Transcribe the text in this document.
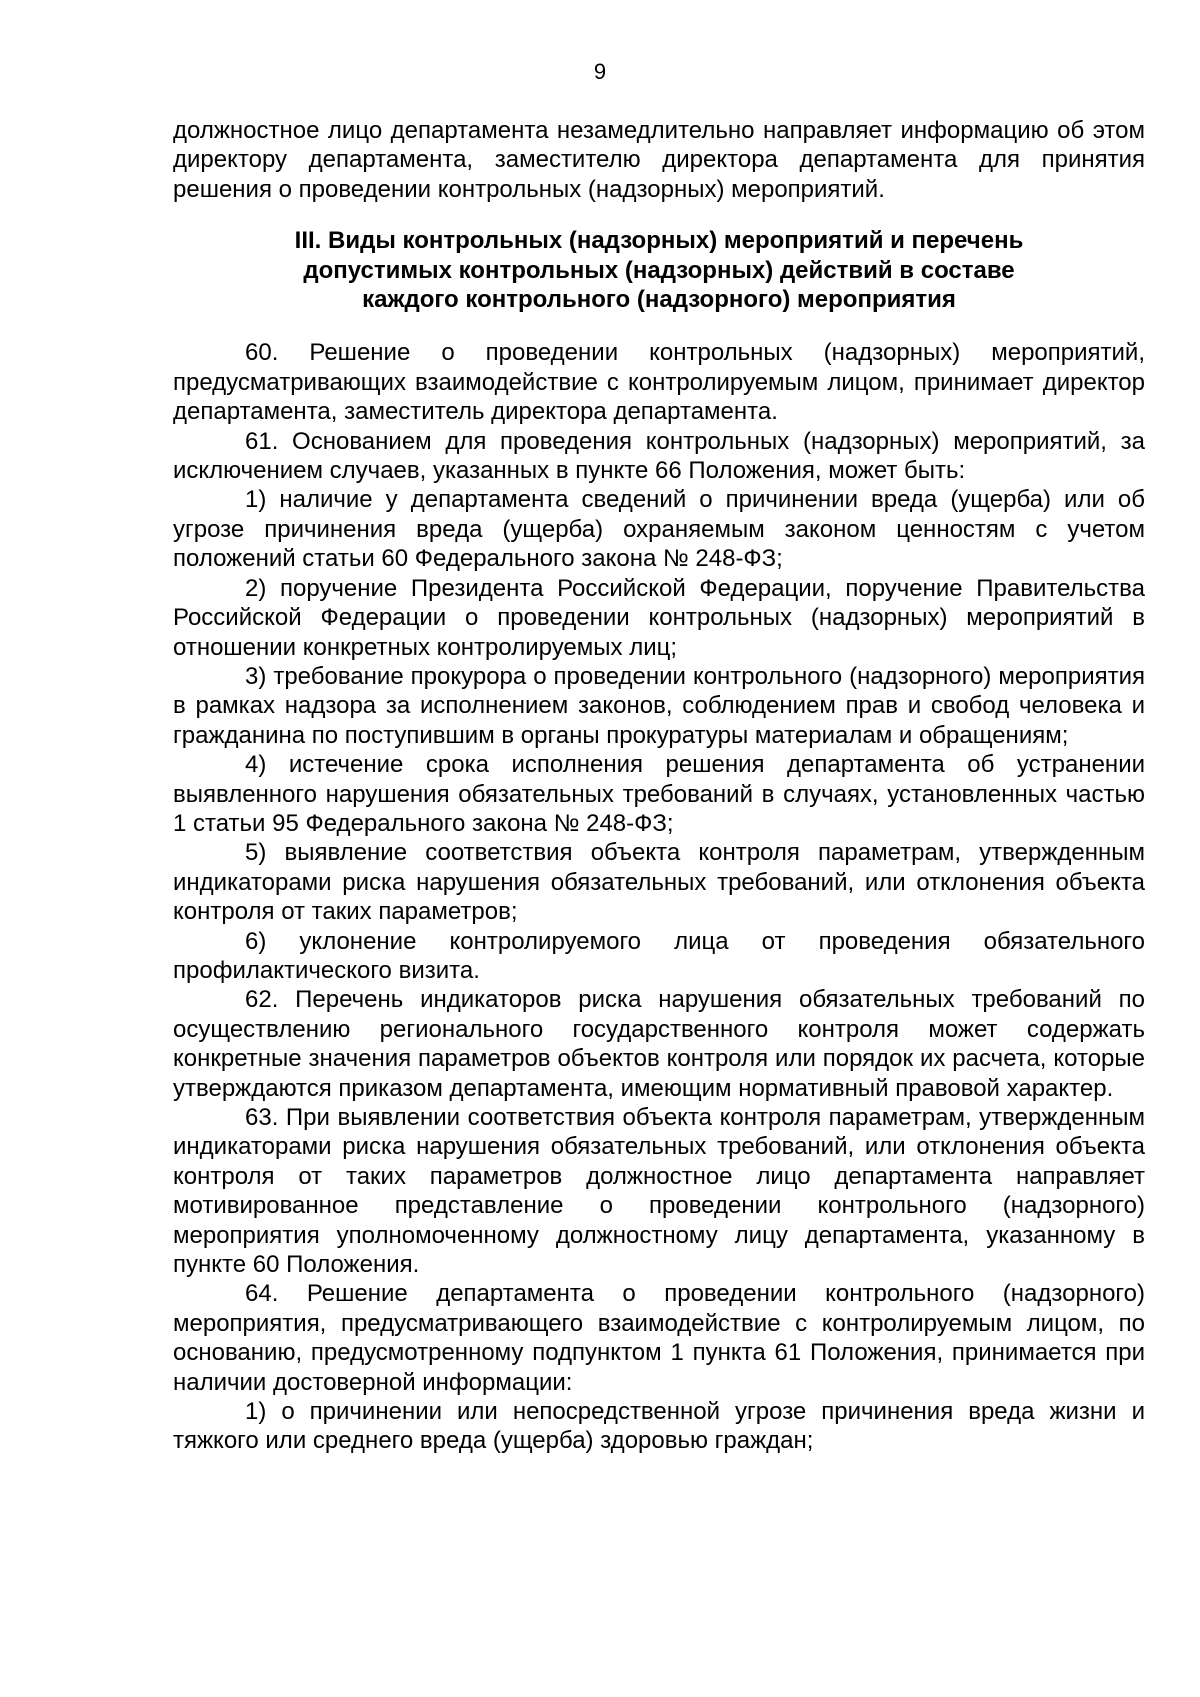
9

должностное лицо департамента незамедлительно направляет информацию об этом директору департамента, заместителю директора департамента для принятия решения о проведении контрольных (надзорных) мероприятий.

III. Виды контрольных (надзорных) мероприятий и перечень
допустимых контрольных (надзорных) действий в составе
каждого контрольного (надзорного) мероприятия

60. Решение о проведении контрольных (надзорных) мероприятий, предусматривающих взаимодействие с контролируемым лицом, принимает директор департамента, заместитель директора департамента.

61. Основанием для проведения контрольных (надзорных) мероприятий, за исключением случаев, указанных в пункте 66 Положения, может быть:

1) наличие у департамента сведений о причинении вреда (ущерба) или об угрозе причинения вреда (ущерба) охраняемым законом ценностям с учетом положений статьи 60 Федерального закона № 248-ФЗ;

2) поручение Президента Российской Федерации, поручение Правительства Российской Федерации о проведении контрольных (надзорных) мероприятий в отношении конкретных контролируемых лиц;

3) требование прокурора о проведении контрольного (надзорного) мероприятия в рамках надзора за исполнением законов, соблюдением прав и свобод человека и гражданина по поступившим в органы прокуратуры материалам и обращениям;

4) истечение срока исполнения решения департамента об устранении выявленного нарушения обязательных требований в случаях, установленных частью 1 статьи 95 Федерального закона № 248-ФЗ;

5) выявление соответствия объекта контроля параметрам, утвержденным индикаторами риска нарушения обязательных требований, или отклонения объекта контроля от таких параметров;

6) уклонение контролируемого лица от проведения обязательного профилактического визита.

62. Перечень индикаторов риска нарушения обязательных требований по осуществлению регионального государственного контроля может содержать конкретные значения параметров объектов контроля или порядок их расчета, которые утверждаются приказом департамента, имеющим нормативный правовой характер.

63. При выявлении соответствия объекта контроля параметрам, утвержденным индикаторами риска нарушения обязательных требований, или отклонения объекта контроля от таких параметров должностное лицо департамента направляет мотивированное представление о проведении контрольного (надзорного) мероприятия уполномоченному должностному лицу департамента, указанному в пункте 60 Положения.

64. Решение департамента о проведении контрольного (надзорного) мероприятия, предусматривающего взаимодействие с контролируемым лицом, по основанию, предусмотренному подпунктом 1 пункта 61 Положения, принимается при наличии достоверной информации:

1) о причинении или непосредственной угрозе причинения вреда жизни и тяжкого или среднего вреда (ущерба) здоровью граждан;
